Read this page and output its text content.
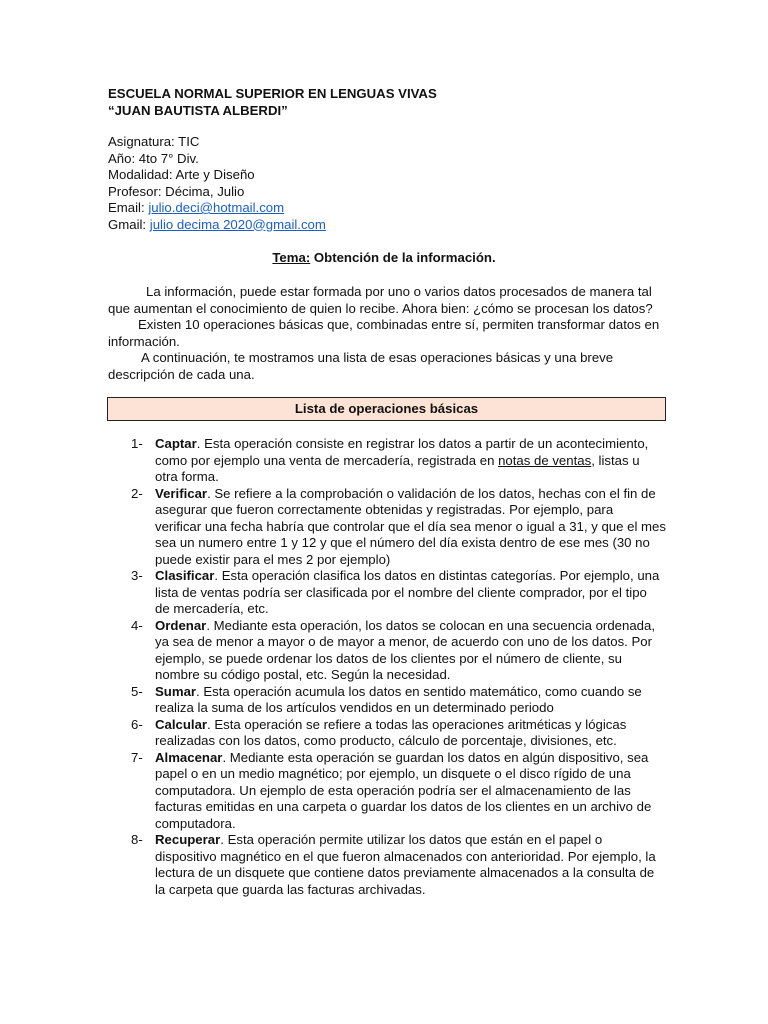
ESCUELA NORMAL SUPERIOR EN LENGUAS VIVAS
“JUAN BAUTISTA ALBERDI”
Asignatura: TIC
Año: 4to 7° Div.
Modalidad: Arte y Diseño
Profesor: Décima, Julio
Email: julio.deci@hotmail.com
Gmail: julio decima 2020@gmail.com
Tema: Obtención de la información.
La información, puede estar formada por uno o varios datos procesados de manera tal
que aumentan el conocimiento de quien lo recibe. Ahora bien: ¿cómo se procesan los datos?
Existen 10 operaciones básicas que, combinadas entre sí, permiten transformar datos en
información.
A continuación, te mostramos una lista de esas operaciones básicas y una breve
descripción de cada una.
Lista de operaciones básicas
1- Captar. Esta operación consiste en registrar los datos a partir de un acontecimiento,
como por ejemplo una venta de mercadería, registrada en notas de ventas, listas u
otra forma.
2- Verificar. Se refiere a la comprobación o validación de los datos, hechas con el fin de
asegurar que fueron correctamente obtenidas y registradas. Por ejemplo, para
verificar una fecha habría que controlar que el día sea menor o igual a 31, y que el mes
sea un numero entre 1 y 12 y que el número del día exista dentro de ese mes (30 no
puede existir para el mes 2 por ejemplo)
3- Clasificar. Esta operación clasifica los datos en distintas categorías. Por ejemplo, una
lista de ventas podría ser clasificada por el nombre del cliente comprador, por el tipo
de mercadería, etc.
4- Ordenar. Mediante esta operación, los datos se colocan en una secuencia ordenada,
ya sea de menor a mayor o de mayor a menor, de acuerdo con uno de los datos. Por
ejemplo, se puede ordenar los datos de los clientes por el número de cliente, su
nombre su código postal, etc. Según la necesidad.
5- Sumar. Esta operación acumula los datos en sentido matemático, como cuando se
realiza la suma de los artículos vendidos en un determinado periodo
6- Calcular. Esta operación se refiere a todas las operaciones aritméticas y lógicas
realizadas con los datos, como producto, cálculo de porcentaje, divisiones, etc.
7- Almacenar. Mediante esta operación se guardan los datos en algún dispositivo, sea
papel o en un medio magnético; por ejemplo, un disquete o el disco rígido de una
computadora. Un ejemplo de esta operación podría ser el almacenamiento de las
facturas emitidas en una carpeta o guardar los datos de los clientes en un archivo de
computadora.
8- Recuperar. Esta operación permite utilizar los datos que están en el papel o
dispositivo magnético en el que fueron almacenados con anterioridad. Por ejemplo, la
lectura de un disquete que contiene datos previamente almacenados a la consulta de
la carpeta que guarda las facturas archivadas.
